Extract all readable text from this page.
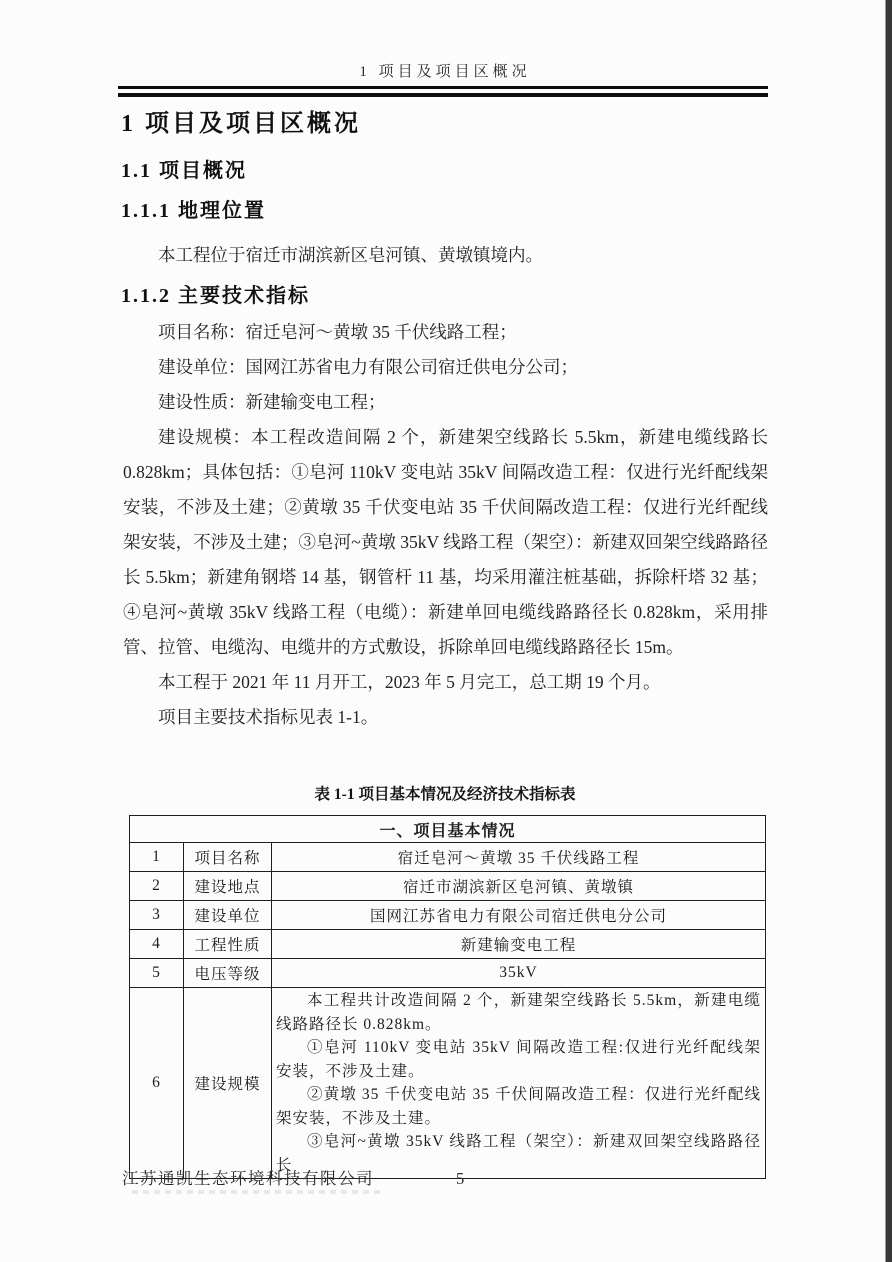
1 项目及项目区概况
1 项目及项目区概况
1.1 项目概况
1.1.1 地理位置
本工程位于宿迁市湖滨新区皂河镇、黄墩镇境内。
1.1.2 主要技术指标

项目名称：宿迁皂河～黄墩 35 千伏线路工程；

建设单位：国网江苏省电力有限公司宿迁供电分公司；

建设性质：新建输变电工程；

建设规模：本工程改造间隔 2 个，新建架空线路长 5.5km，新建电缆线路长 0.828km；具体包括：①皂河 110kV 变电站 35kV 间隔改造工程：仅进行光纤配线架安装，不涉及土建；②黄墩 35 千伏变电站 35 千伏间隔改造工程：仅进行光纤配线架安装，不涉及土建；③皂河~黄墩 35kV 线路工程（架空）：新建双回架空线路路径长 5.5km；新建角钢塔 14 基，钢管杆 11 基，均采用灌注桩基础，拆除杆塔 32 基；④皂河~黄墩 35kV 线路工程（电缆）：新建单回电缆线路路径长 0.828km，采用排管、拉管、电缆沟、电缆井的方式敷设，拆除单回电缆线路路径长 15m。

本工程于 2021 年 11 月开工，2023 年 5 月完工，总工期 19 个月。

项目主要技术指标见表 1-1。

表 1-1 项目基本情况及经济技术指标表
一、项目基本情况		
1	项目名称	宿迁皂河～黄墩 35 千伏线路工程
2	建设地点	宿迁市湖滨新区皂河镇、黄墩镇
3	建设单位	国网江苏省电力有限公司宿迁供电分公司
4	工程性质	新建输变电工程
5	电压等级	35kV
6	建设规模	本工程共计改造间隔 2 个，新建架空线路长 5.5km，新建电缆线路路径长 0.828km。

①皂河 110kV 变电站 35kV 间隔改造工程:仅进行光纤配线架安装，不涉及土建。

②黄墩 35 千伏变电站 35 千伏间隔改造工程：仅进行光纤配线架安装，不涉及土建。

③皂河~黄墩 35kV 线路工程（架空）：新建双回架空线路路径长

江苏通凯生态环境科技有限公司	5
